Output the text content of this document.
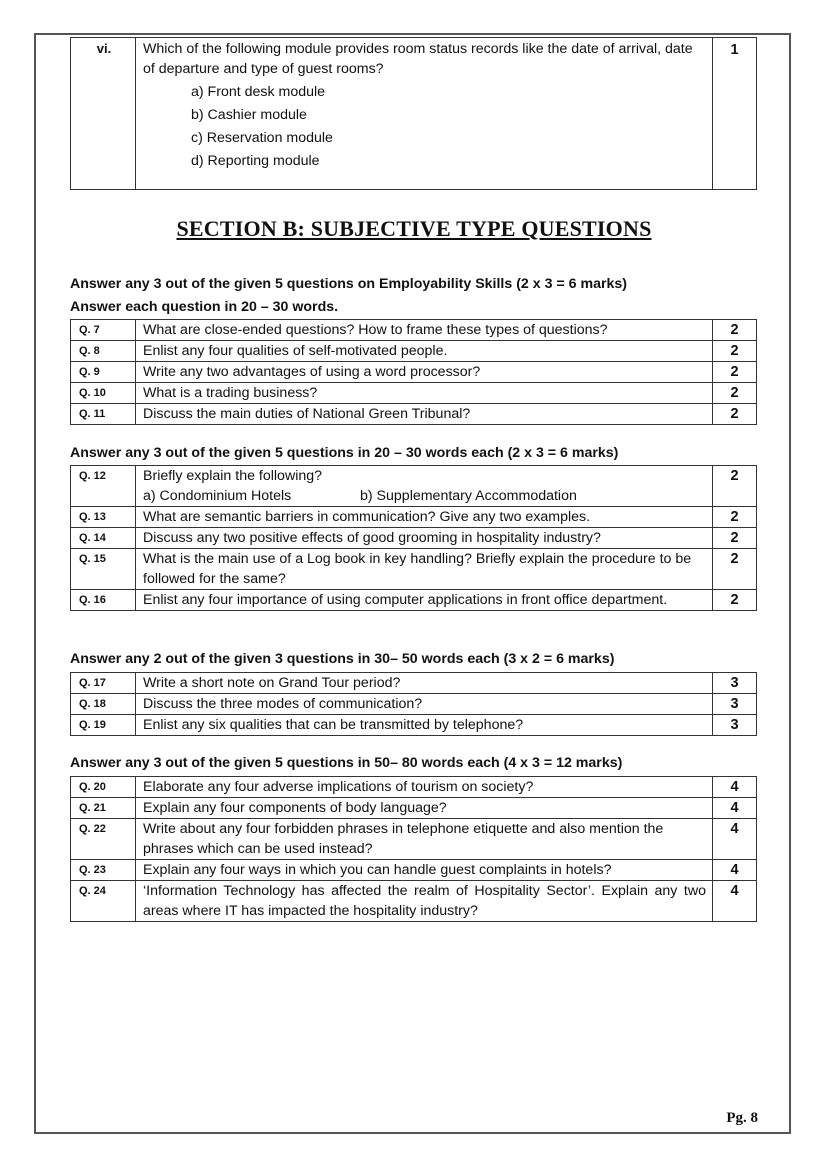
vi.	Which of the following module provides room status records like the date of arrival, date of departure and type of guest rooms?
a) Front desk module
b) Cashier module
c) Reservation module
d) Reporting module
	1
SECTION B: SUBJECTIVE TYPE QUESTIONS
Answer any 3 out of the given 5 questions on Employability Skills (2 x 3 = 6 marks)
Answer each question in 20 – 30 words.
Q. 7	What are close-ended questions? How to frame these types of questions?	2
Q. 8	Enlist any four qualities of self-motivated people.	2
Q. 9	Write any two advantages of using a word processor?	2
Q. 10	What is a trading business?	2
Q. 11	Discuss the main duties of National Green Tribunal?	2
Answer any 3 out of the given 5 questions in 20 – 30 words each (2 x 3 = 6 marks)
Q. 12	Briefly explain the following?
a) Condominium Hotels b) Supplementary Accommodation	2
Q. 13	What are semantic barriers in communication? Give any two examples.	2
Q. 14	Discuss any two positive effects of good grooming in hospitality industry?	2
Q. 15	What is the main use of a Log book in key handling? Briefly explain the procedure to be followed for the same?	2
Q. 16	Enlist any four importance of using computer applications in front office department.	2
Answer any 2 out of the given 3 questions in 30– 50 words each (3 x 2 = 6 marks)
Q. 17	Write a short note on Grand Tour period?	3
Q. 18	Discuss the three modes of communication?	3
Q. 19	Enlist any six qualities that can be transmitted by telephone?	3
Answer any 3 out of the given 5 questions in 50– 80 words each (4 x 3 = 12 marks)
Q. 20	Elaborate any four adverse implications of tourism on society?	4
Q. 21	Explain any four components of body language?	4
Q. 22	Write about any four forbidden phrases in telephone etiquette and also mention the phrases which can be used instead?	4
Q. 23	Explain any four ways in which you can handle guest complaints in hotels?	4
Q. 24	‘Information Technology has affected the realm of Hospitality Sector’. Explain any two areas where IT has impacted the hospitality industry?	4
Pg. 8
